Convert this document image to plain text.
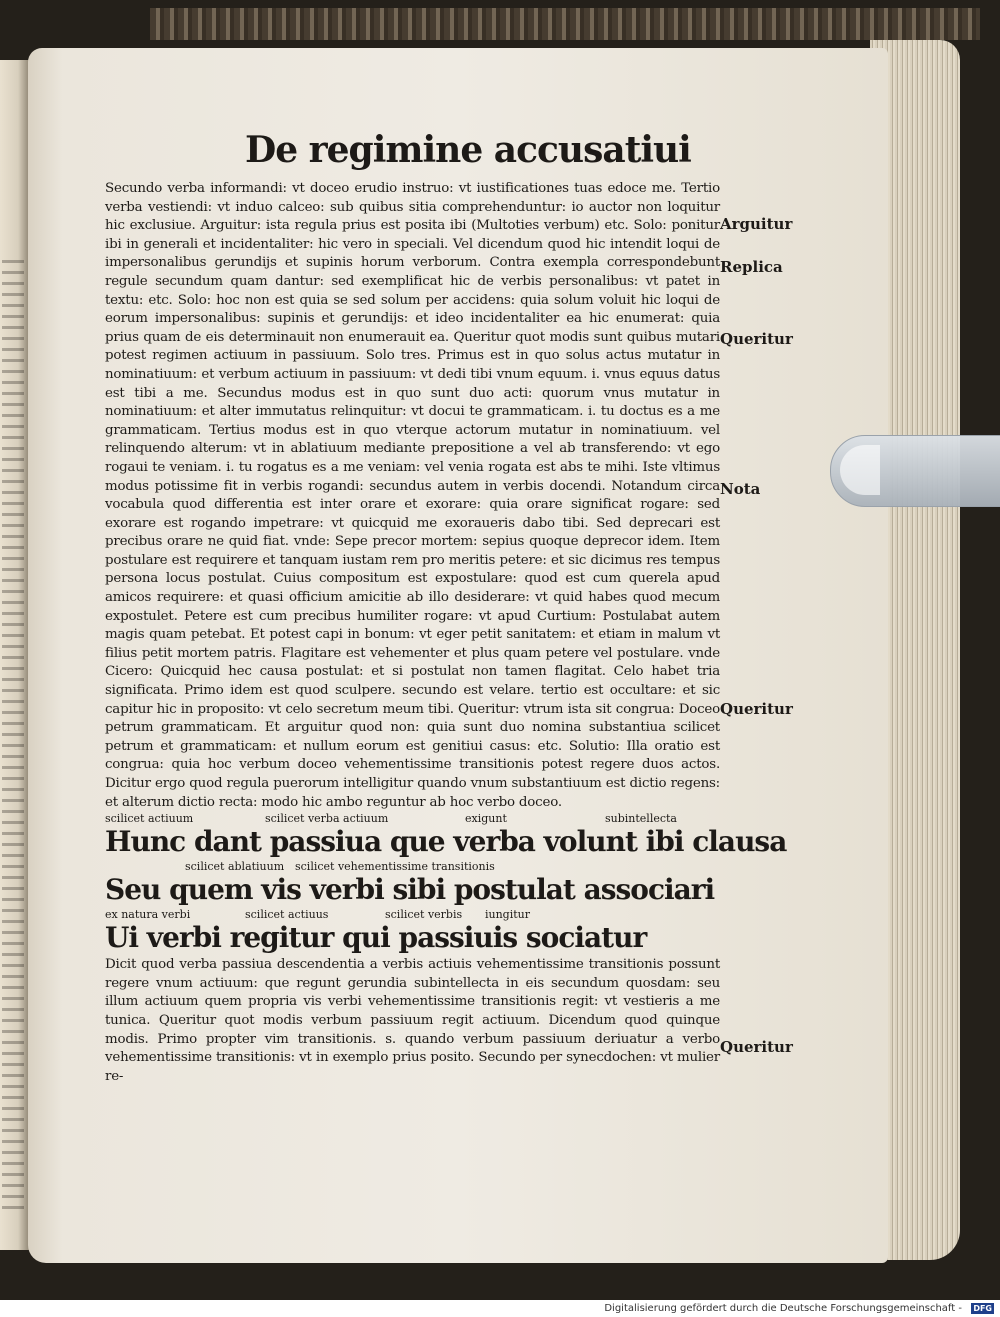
De regimine accusatiui

Secundo verba informandi: vt doceo erudio instruo: vt iustificationes tuas edoce me. Tertio verba vestiendi: vt induo calceo: sub quibus sitia comprehenduntur: io auctor non loquitur hic exclusiue. Arguitur: ista regula prius est posita ibi (Multoties verbum) etc. Solo: ponitur ibi in generali et incidentaliter: hic vero in speciali. Vel dicendum quod hic intendit loqui de impersonalibus gerundijs et supinis horum verborum. Contra exempla correspondebunt regule secundum quam dantur: sed exemplificat hic de verbis personalibus: vt patet in textu: etc. Solo: hoc non est quia se sed solum per accidens: quia solum voluit hic loqui de eorum impersonalibus: supinis et gerundijs: et ideo incidentaliter ea hic enumerat: quia prius quam de eis determinauit non enumerauit ea. Queritur quot modis sunt quibus mutari potest regimen actiuum in passiuum. Solo tres. Primus est in quo solus actus mutatur in nominatiuum: et verbum actiuum in passiuum: vt dedi tibi vnum equum. i. vnus equus datus est tibi a me. Secundus modus est in quo sunt duo acti: quorum vnus mutatur in nominatiuum: et alter immutatus relinquitur: vt docui te grammaticam. i. tu doctus es a me grammaticam. Tertius modus est in quo vterque actorum mutatur in nominatiuum. vel relinquendo alterum: vt in ablatiuum mediante prepositione a vel ab transferendo: vt ego rogaui te veniam. i. tu rogatus es a me veniam: vel venia rogata est abs te mihi. Iste vltimus modus potissime fit in verbis rogandi: secundus autem in verbis docendi. Notandum circa vocabula quod differentia est inter orare et exorare: quia orare significat rogare: sed exorare est rogando impetrare: vt quicquid me exoraueris dabo tibi. Sed deprecari est precibus orare ne quid fiat. vnde: Sepe precor mortem: sepius quoque deprecor idem. Item postulare est requirere et tanquam iustam rem pro meritis petere: et sic dicimus res tempus persona locus postulat. Cuius compositum est expostulare: quod est cum querela apud amicos requirere: et quasi officium amicitie ab illo desiderare: vt quid habes quod mecum expostulet. Petere est cum precibus humiliter rogare: vt apud Curtium: Postulabat autem magis quam petebat. Et potest capi in bonum: vt eger petit sanitatem: et etiam in malum vt filius petit mortem patris. Flagitare est vehementer et plus quam petere vel postulare. vnde Cicero: Quicquid hec causa postulat: et si postulat non tamen flagitat. Celo habet tria significata. Primo idem est quod sculpere. secundo est velare. tertio est occultare: et sic capitur hic in proposito: vt celo secretum meum tibi. Queritur: vtrum ista sit congrua: Doceo petrum grammaticam. Et arguitur quod non: quia sunt duo nomina substantiua scilicet petrum et grammaticam: et nullum eorum est genitiui casus: etc. Solutio: Illa oratio est congrua: quia hoc verbum doceo vehementissime transitionis potest regere duos actos. Dicitur ergo quod regula puerorum intelligitur quando vnum substantiuum est dictio regens: et alterum dictio recta: modo hic ambo reguntur ab hoc verbo doceo.

scilicet actiuum	scilicet verba actiuum	exigunt	subintellecta
Hunc dant passiua que verba volunt ibi clausa
scilicet ablatiuum scilicet vehementissime transitionis
Seu quem vis verbi sibi postulat associari
ex natura verbi	scilicet actiuus	scilicet verbis iungitur
Ui verbi regitur qui passiuis sociatur

Dicit quod verba passiua descendentia a verbis actiuis vehementissime transitionis possunt regere vnum actiuum: que regunt gerundia subintellecta in eis secundum quosdam: seu illum actiuum quem propria vis verbi vehementissime transitionis regit: vt vestieris a me tunica. Queritur quot modis verbum passiuum regit actiuum. Dicendum quod quinque modis. Primo propter vim transitionis. s. quando verbum passiuum deriuatur a verbo vehementissime transitionis: vt in exemplo prius posito. Secundo per synecdochen: vt mulier re-

Arguitur
Replica
Queritur
Nota
Queritur
Queritur
Digitalisierung gefördert durch die Deutsche Forschungsgemeinschaft - DFG
